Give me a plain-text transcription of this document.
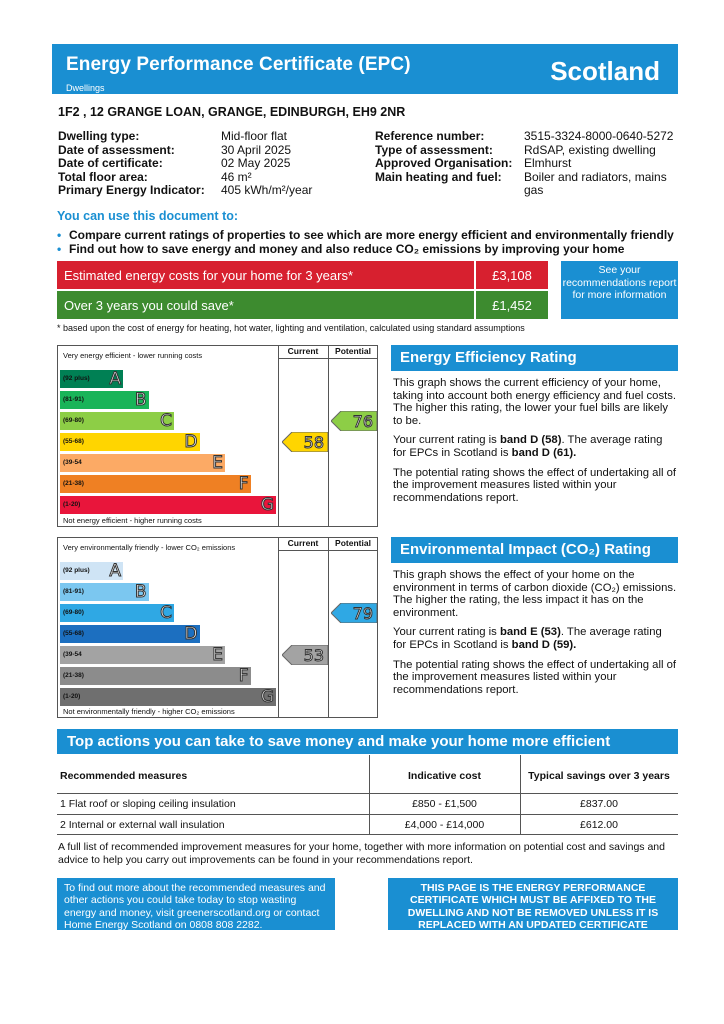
Energy Performance Certificate (EPC)
Dwellings
Scotland
1F2 , 12 GRANGE LOAN, GRANGE, EDINBURGH, EH9 2NR
Dwelling type:	Mid-floor flat
Date of assessment:	30 April 2025
Date of certificate:	02 May 2025
Total floor area:	46 m²
Primary Energy Indicator: 405 kWh/m²/year
Reference number:	3515-3324-8000-0640-5272
Type of assessment:	RdSAP, existing dwelling
Approved Organisation: Elmhurst
Main heating and fuel: Boiler and radiators, mains gas
You can use this document to:
• Compare current ratings of properties to see which are more energy efficient and environmentally friendly
• Find out how to save energy and money and also reduce CO₂ emissions by improving your home
Estimated energy costs for your home for 3 years*	£3,108
Over 3 years you could save*	£1,452
See your recommendations report for more information
* based upon the cost of energy for heating, hot water, lighting and ventilation, calculated using standard assumptions
Current	Potential
Very energy efficient - lower running costs
Not energy efficient - higher running costs
(92 plus) A
(81-91)	B
(69-80)	C
(55-68)	D
(39-54	E
(21-38)	F
(1-20)	G
58
76
Energy Efficiency Rating

This graph shows the current efficiency of your home, taking into account both energy efficiency and fuel costs. The higher this rating, the lower your fuel bills are likely to be.

Your current rating is band D (58). The average rating for EPCs in Scotland is band D (61).

The potential rating shows the effect of undertaking all of the improvement measures listed within your recommendations report.

Current	Potential
Very environmentally friendly - lower CO₂ emissions
Not environmentally friendly - higher CO₂ emissions
(92 plus) A
(81-91)	B
(69-80)	C
(55-68)	D
(39-54	E
(21-38)	F
(1-20)	G
53
79
Environmental Impact (CO₂) Rating

This graph shows the effect of your home on the environment in terms of carbon dioxide (CO₂) emissions. The higher the rating, the less impact it has on the environment.

Your current rating is band E (53). The average rating for EPCs in Scotland is band D (59).

The potential rating shows the effect of undertaking all of the improvement measures listed within your recommendations report.

Top actions you can take to save money and make your home more efficient
Recommended measures	Indicative cost	Typical savings over 3 years
1 Flat roof or sloping ceiling insulation	£850 - £1,500	£837.00
2 Internal or external wall insulation	£4,000 - £14,000	£612.00
A full list of recommended improvement measures for your home, together with more information on potential cost and savings and advice to help you carry out improvements can be found in your recommendations report.
To find out more about the recommended measures and other actions you could take today to stop wasting energy and money, visit greenerscotland.org or contact Home Energy Scotland on 0808 808 2282.
THIS PAGE IS THE ENERGY PERFORMANCE CERTIFICATE WHICH MUST BE AFFIXED TO THE DWELLING AND NOT BE REMOVED UNLESS IT IS REPLACED WITH AN UPDATED CERTIFICATE
